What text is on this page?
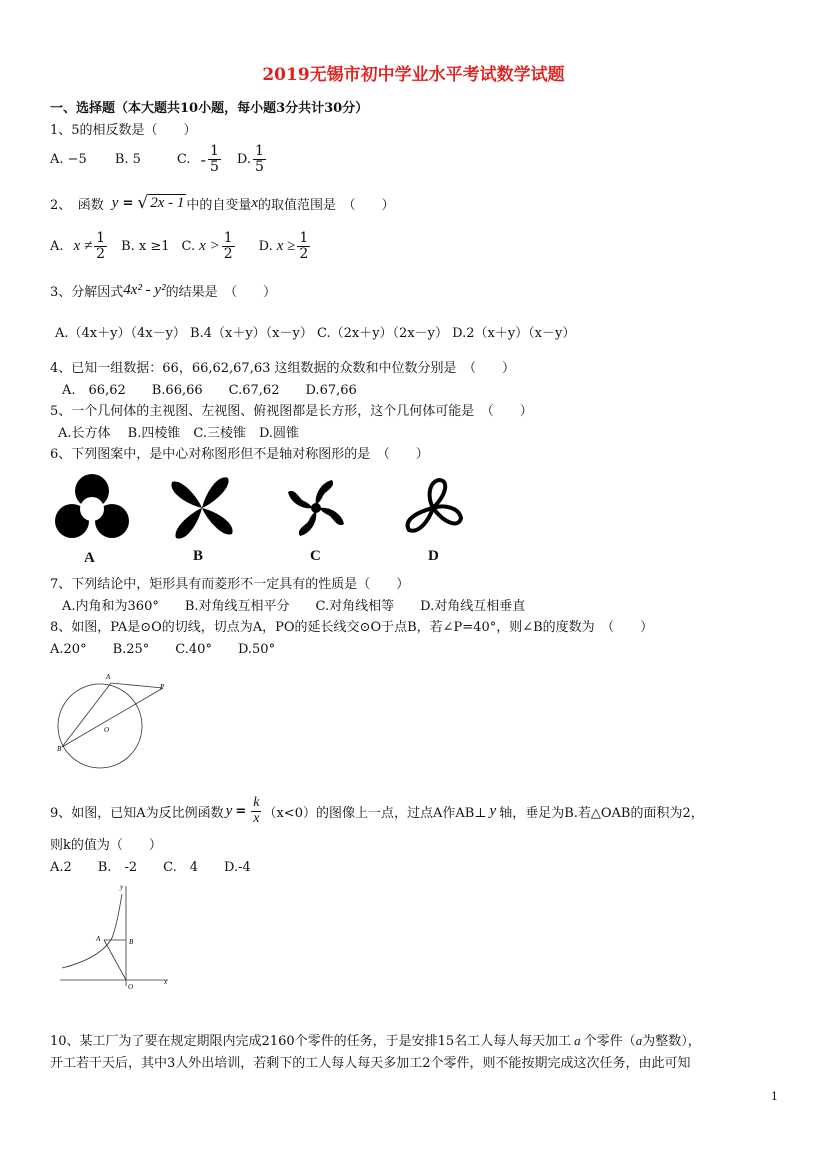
2019无锡市初中学业水平考试数学试题
一、选择题（本大题共10小题，每小题3分共计30分）
1、5的相反数是（　　）
A. −5 B. 5	C. - $\frac{1}{5} D$. $\frac{1}{5}$
2、　函数 y = √ 2x - 1 中的自变量 x 的取值范围是　（　　）
A. $x \ne \frac{1}{2} B$. x ≥1 C. $x > \frac{1}{2} D$. $x \ge \frac{1}{2}$
3、分解因式 4x² - y² 的结果是　（　　）
A.（4x＋y）（4x－y） B.4（x＋y）（x－y） C.（2x＋y）（2x－y） D.2（x＋y）（x－y）
4、已知一组数据：66，66,62,67,63 这组数据的众数和中位数分别是　（　　）
A.　66,62　　B.66,66　　C.67,62　　D.67,66
5、一个几何体的主视图、左视图、俯视图都是长方形，这个几何体可能是　（　　）
A.长方体　 B.四棱锥　C.三棱锥　D.圆锥
6、下列图案中，是中心对称图形但不是轴对称图形的是　（　　）
A	B	C	D
7、下列结论中，矩形具有而菱形不一定具有的性质是（　　）
A.内角和为360°　　B.对角线互相平分　　C.对角线相等　　D.对角线互相垂直
8、如图，PA是⊙O的切线，切点为A，PO的延长线交⊙O于点B，若∠P=40°，则∠B的度数为　（　　）
A.20°　　B.25°　　C.40°　　D.50°
A
P
O
B
9、如图，已知A为反比例函数 $y = \frac{k}{x} (x<0)$的图像上一点，过点A作AB⊥ y 轴，垂足为B.若△OAB的面积为2，
则k的值为（　　）
A.2　　B.　-2　　C.　4　　D.-4
y
A	B
O
x
10、某工厂为了要在规定期限内完成2160个零件的任务，于是安排15名工人每人每天加工 a 个零件（a为整数），
开工若干天后，其中3人外出培训，若剩下的工人每人每天多加工2个零件，则不能按期完成这次任务，由此可知
1
